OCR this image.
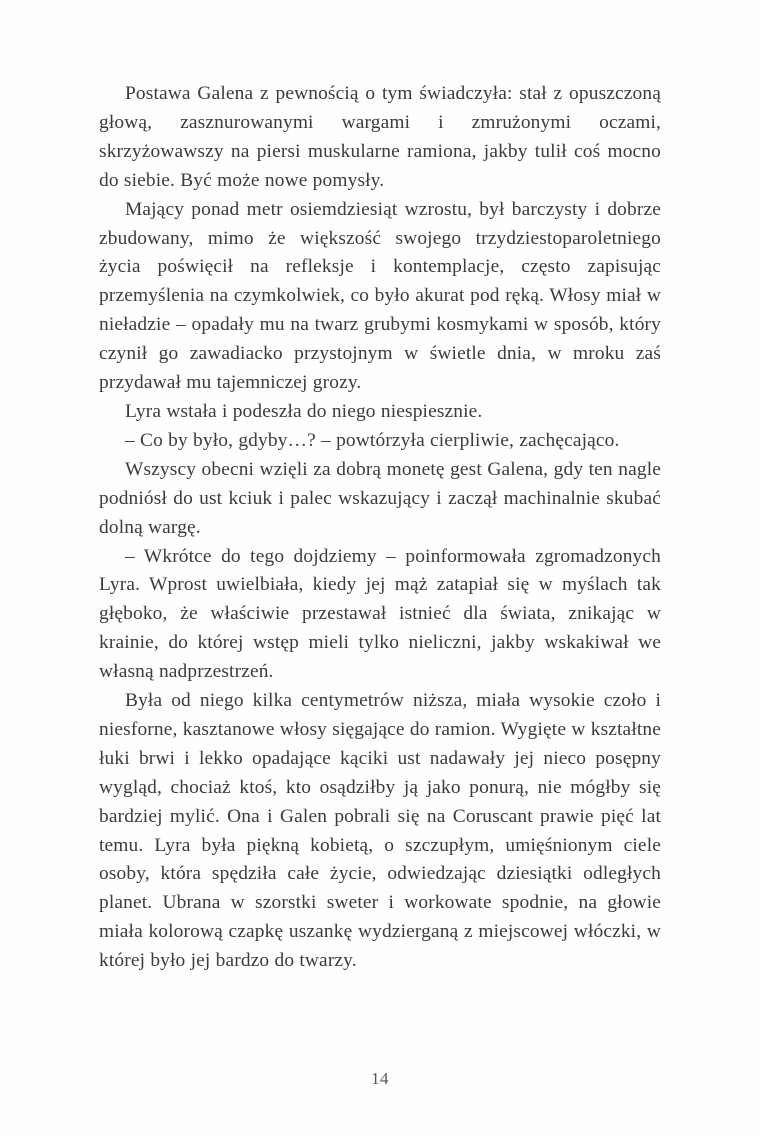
Postawa Galena z pewnością o tym świadczyła: stał z opuszczoną głową, zasznurowanymi wargami i zmrużonymi oczami, skrzyżowawszy na piersi muskularne ramiona, jakby tulił coś mocno do siebie. Być może nowe pomysły.

Mający ponad metr osiemdziesiąt wzrostu, był barczysty i dobrze zbudowany, mimo że większość swojego trzydziestoparoletniego życia poświęcił na refleksje i kontemplacje, często zapisując przemyślenia na czymkolwiek, co było akurat pod ręką. Włosy miał w nieładzie – opadały mu na twarz grubymi kosmykami w sposób, który czynił go zawadiacko przystojnym w świetle dnia, w mroku zaś przydawał mu tajemniczej grozy.

Lyra wstała i podeszła do niego niespiesznie.

– Co by było, gdyby…? – powtórzyła cierpliwie, zachęcająco.

Wszyscy obecni wzięli za dobrą monetę gest Galena, gdy ten nagle podniósł do ust kciuk i palec wskazujący i zaczął machinalnie skubać dolną wargę.

– Wkrótce do tego dojdziemy – poinformowała zgromadzonych Lyra. Wprost uwielbiała, kiedy jej mąż zatapiał się w myślach tak głęboko, że właściwie przestawał istnieć dla świata, znikając w krainie, do której wstęp mieli tylko nieliczni, jakby wskakiwał we własną nadprzestrzeń.

Była od niego kilka centymetrów niższa, miała wysokie czoło i niesforne, kasztanowe włosy sięgające do ramion. Wygięte w kształtne łuki brwi i lekko opadające kąciki ust nadawały jej nieco posępny wygląd, chociaż ktoś, kto osądziłby ją jako ponurą, nie mógłby się bardziej mylić. Ona i Galen pobrali się na Coruscant prawie pięć lat temu. Lyra była piękną kobietą, o szczupłym, umięśnionym ciele osoby, która spędziła całe życie, odwiedzając dziesiątki odległych planet. Ubrana w szorstki sweter i workowate spodnie, na głowie miała kolorową czapkę uszankę wydzierganą z miejscowej włóczki, w której było jej bardzo do twarzy.

14
